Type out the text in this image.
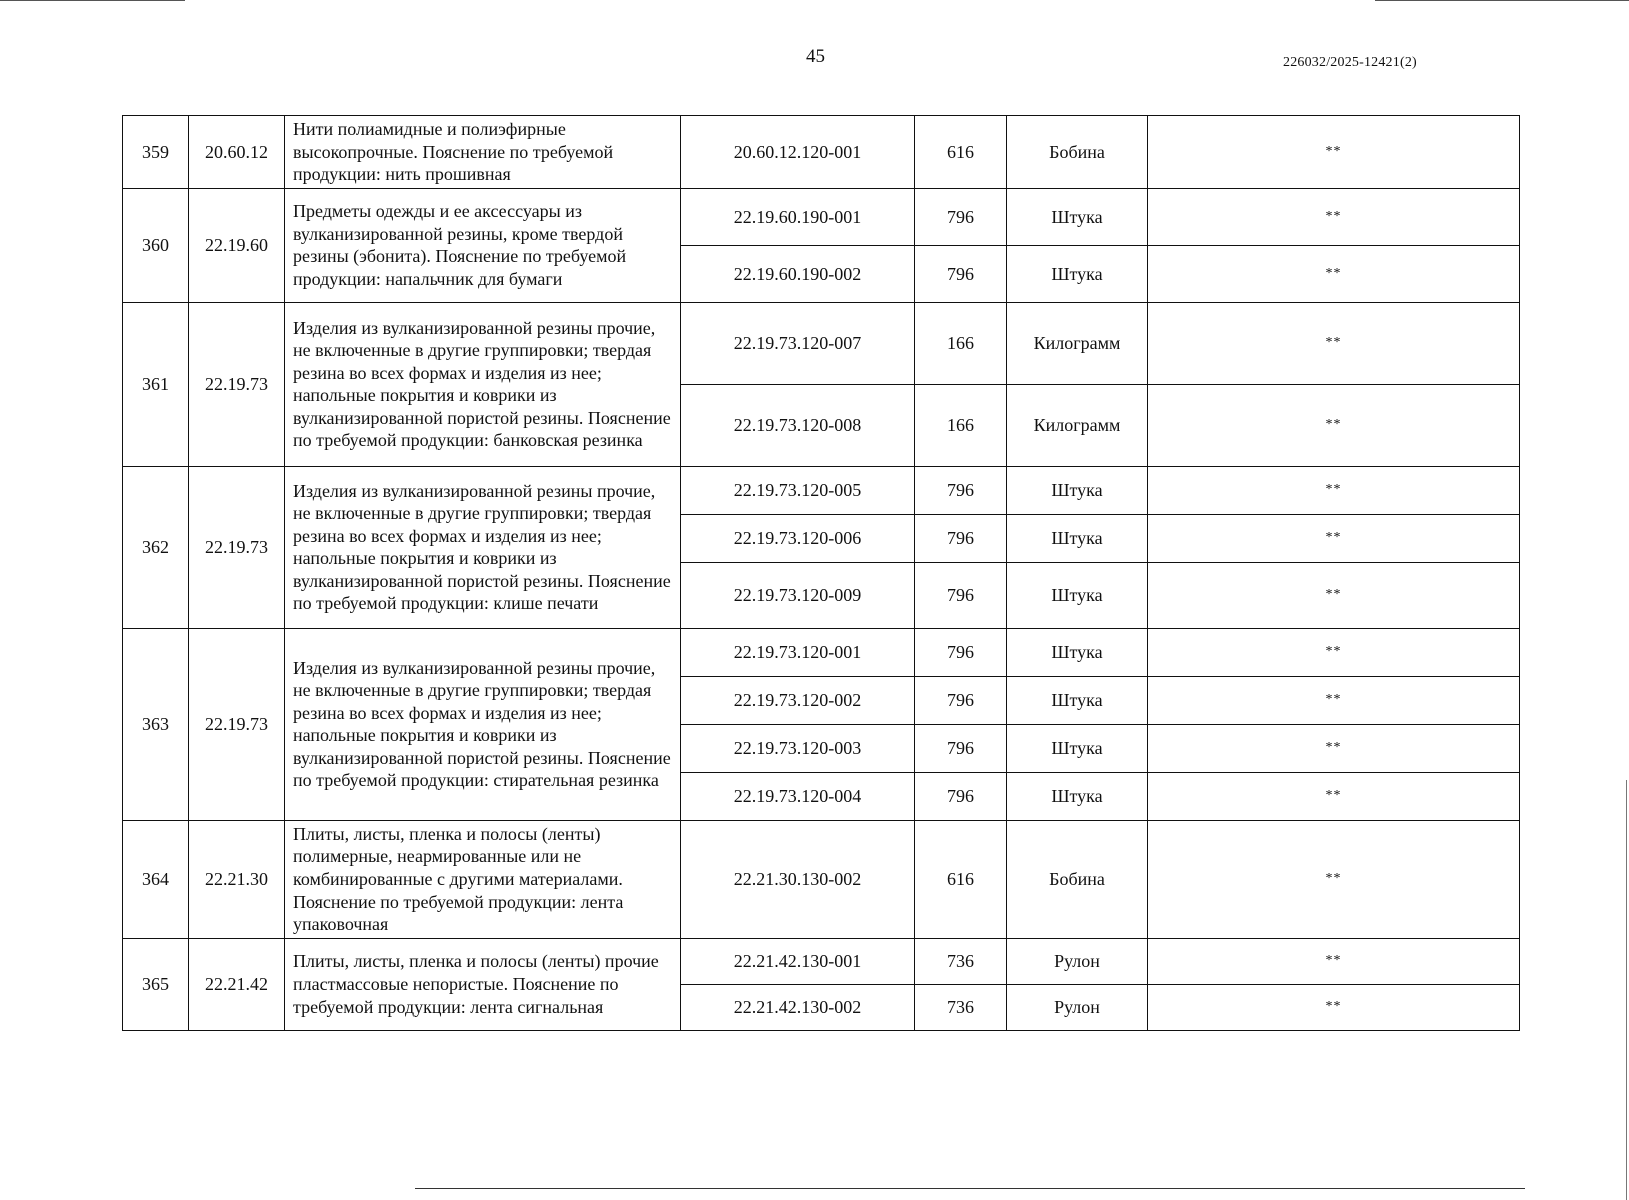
45	226032/2025-12421(2)
359	20.60.12	Нити полиамидные и полиэфирные высокопрочные. Пояснение по требуемой продукции: нить прошивная	20.60.12.120-001	616	Бобина	**
360	22.19.60	Предметы одежды и ее аксессуары из вулканизированной резины, кроме твердой резины (эбонита). Пояснение по требуемой продукции: напальчник для бумаги	22.19.60.190-001	796	Штука	**
			22.19.60.190-002	796	Штука	**
361	22.19.73	Изделия из вулканизированной резины прочие, не включенные в другие группировки; твердая резина во всех формах и изделия из нее; напольные покрытия и коврики из вулканизированной пористой резины. Пояснение по требуемой продукции: банковская резинка	22.19.73.120-007	166	Килограмм	**
			22.19.73.120-008	166	Килограмм	**
362	22.19.73	Изделия из вулканизированной резины прочие, не включенные в другие группировки; твердая резина во всех формах и изделия из нее; напольные покрытия и коврики из вулканизированной пористой резины. Пояснение по требуемой продукции: клише печати	22.19.73.120-005	796	Штука	**
			22.19.73.120-006	796	Штука	**
			22.19.73.120-009	796	Штука	**
363	22.19.73	Изделия из вулканизированной резины прочие, не включенные в другие группировки; твердая резина во всех формах и изделия из нее; напольные покрытия и коврики из вулканизированной пористой резины. Пояснение по требуемой продукции: стирательная резинка	22.19.73.120-001	796	Штука	**
			22.19.73.120-002	796	Штука	**
			22.19.73.120-003	796	Штука	**
			22.19.73.120-004	796	Штука	**
364	22.21.30	Плиты, листы, пленка и полосы (ленты) полимерные, неармированные или не комбинированные с другими материалами. Пояснение по требуемой продукции: лента упаковочная	22.21.30.130-002	616	Бобина	**
365	22.21.42	Плиты, листы, пленка и полосы (ленты) прочие пластмассовые непористые. Пояснение по требуемой продукции: лента сигнальная	22.21.42.130-001	736	Рулон	**
			22.21.42.130-002	736	Рулон	**
